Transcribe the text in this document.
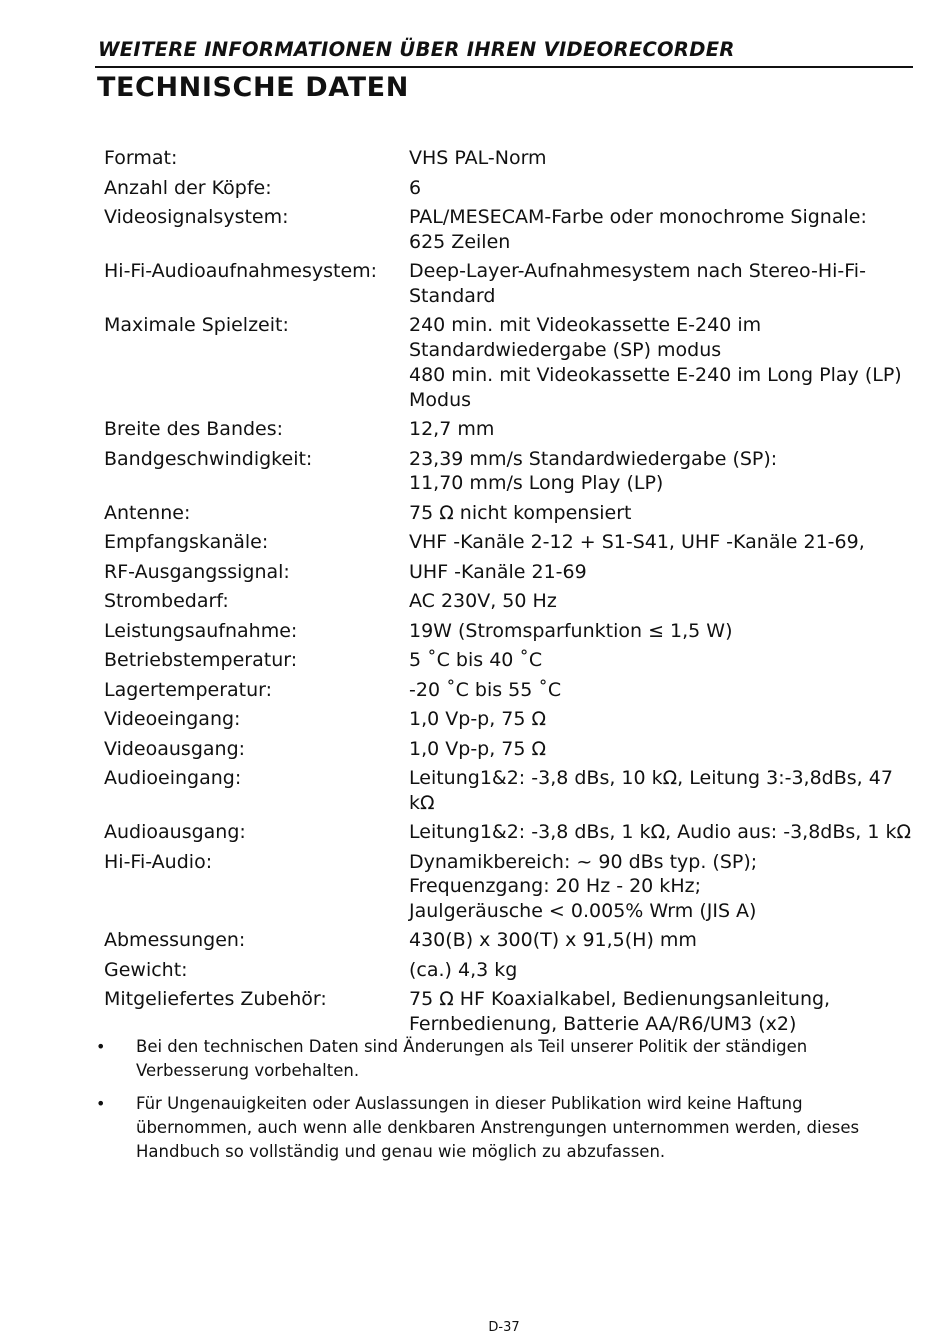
WEITERE INFORMATIONEN ÜBER IHREN VIDEORECORDER
TECHNISCHE DATEN
Format:	VHS PAL-Norm
Anzahl der Köpfe:	6
Videosignalsystem:	PAL/MESECAM-Farbe oder monochrome Signale:
625 Zeilen
Hi-Fi-Audioaufnahmesystem:	Deep-Layer-Aufnahmesystem nach Stereo-Hi-Fi-
Standard
Maximale Spielzeit:	240 min. mit Videokassette E-240 im
Standardwiedergabe (SP) modus
480 min. mit Videokassette E-240 im Long Play (LP)
Modus
Breite des Bandes:	12,7 mm
Bandgeschwindigkeit:	23,39 mm/s Standardwiedergabe (SP):
11,70 mm/s Long Play (LP)
Antenne:	75 Ω nicht kompensiert
Empfangskanäle:	VHF -Kanäle 2-12 + S1-S41, UHF -Kanäle 21-69,
RF-Ausgangssignal:	UHF -Kanäle 21-69
Strombedarf:	AC 230V, 50 Hz
Leistungsaufnahme:	19W (Stromsparfunktion ≤ 1,5 W)
Betriebstemperatur:	5 ˚C bis 40 ˚C
Lagertemperatur:	-20 ˚C bis 55 ˚C
Videoeingang:	1,0 Vp-p, 75 Ω
Videoausgang:	1,0 Vp-p, 75 Ω
Audioeingang:	Leitung1&2: -3,8 dBs, 10 kΩ, Leitung 3:-3,8dBs, 47 kΩ
Audioausgang:	Leitung1&2: -3,8 dBs, 1 kΩ, Audio aus: -3,8dBs, 1 kΩ
Hi-Fi-Audio:	Dynamikbereich: ~ 90 dBs typ. (SP);
Frequenzgang: 20 Hz - 20 kHz;
Jaulgeräusche < 0.005% Wrm (JIS A)
Abmessungen:	430(B) x 300(T) x 91,5(H) mm
Gewicht:	(ca.) 4,3 kg
Mitgeliefertes Zubehör:	75 Ω HF Koaxialkabel, Bedienungsanleitung,
Fernbedienung, Batterie AA/R6/UM3 (x2)
•	Bei den technischen Daten sind Änderungen als Teil unserer Politik der ständigen
Verbesserung vorbehalten.
•	Für Ungenauigkeiten oder Auslassungen in dieser Publikation wird keine Haftung
übernommen, auch wenn alle denkbaren Anstrengungen unternommen werden, dieses
Handbuch so vollständig und genau wie möglich zu abzufassen.
D-37
